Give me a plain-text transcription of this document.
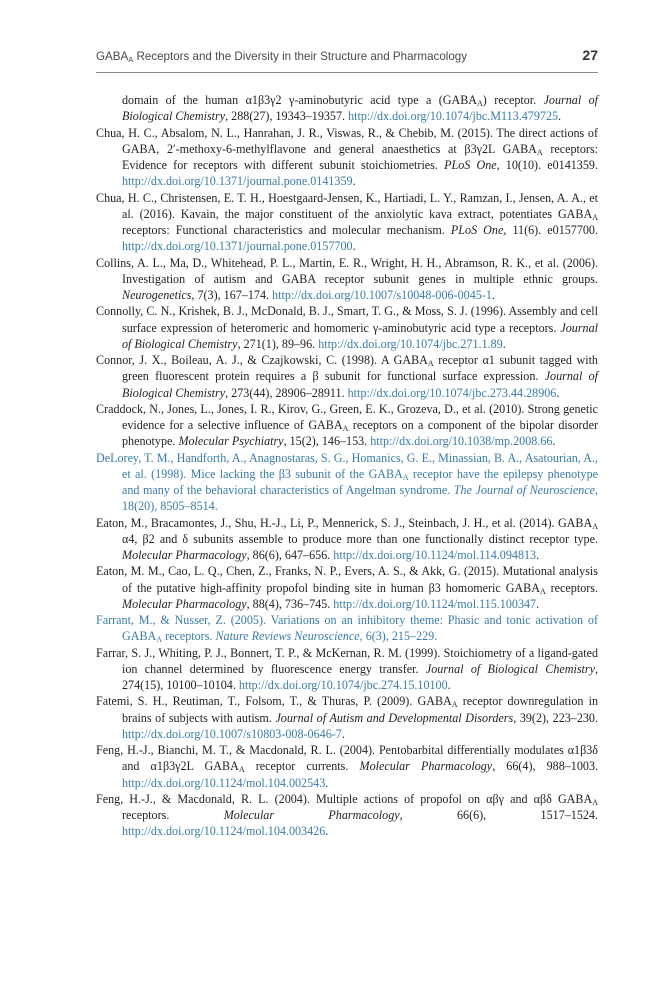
$GABA_A$ Receptors and the Diversity in their Structure and Pharmacology	27
domain of the human α1β3γ2 γ-aminobutyric acid type a $(GABA_A)$ receptor. Journal of Biological Chemistry, 288(27), 19343–19357. http://dx.doi.org/10.1074/jbc.M113.479725.
Chua, H. C., Absalom, N. L., Hanrahan, J. R., Viswas, R., & Chebib, M. (2015). The direct actions of GABA, 2′-methoxy-6-methylflavone and general anaesthetics at β3γ2L $GABA_A$ receptors: Evidence for receptors with different subunit stoichiometries. PLoS One, 10(10). e0141359. http://dx.doi.org/10.1371/journal.pone.0141359.
Chua, H. C., Christensen, E. T. H., Hoestgaard-Jensen, K., Hartiadi, L. Y., Ramzan, I., Jensen, A. A., et al. (2016). Kavain, the major constituent of the anxiolytic kava extract, potentiates $GABA_A$ receptors: Functional characteristics and molecular mechanism. PLoS One, 11(6). e0157700. http://dx.doi.org/10.1371/journal.pone.0157700.
Collins, A. L., Ma, D., Whitehead, P. L., Martin, E. R., Wright, H. H., Abramson, R. K., et al. (2006). Investigation of autism and GABA receptor subunit genes in multiple ethnic groups. Neurogenetics, 7(3), 167–174. http://dx.doi.org/10.1007/s10048-006-0045-1.
Connolly, C. N., Krishek, B. J., McDonald, B. J., Smart, T. G., & Moss, S. J. (1996). Assembly and cell surface expression of heteromeric and homomeric γ-aminobutyric acid type a receptors. Journal of Biological Chemistry, 271(1), 89–96. http://dx.doi.org/10.1074/jbc.271.1.89.
Connor, J. X., Boileau, A. J., & Czajkowski, C. (1998). A $GABA_A$ receptor α1 subunit tagged with green fluorescent protein requires a β subunit for functional surface expression. Journal of Biological Chemistry, 273(44), 28906–28911. http://dx.doi.org/10.1074/jbc.273.44.28906.
Craddock, N., Jones, L., Jones, I. R., Kirov, G., Green, E. K., Grozeva, D., et al. (2010). Strong genetic evidence for a selective influence of $GABA_A$ receptors on a component of the bipolar disorder phenotype. Molecular Psychiatry, 15(2), 146–153. http://dx.doi.org/10.1038/mp.2008.66.
DeLorey, T. M., Handforth, A., Anagnostaras, S. G., Homanics, G. E., Minassian, B. A., Asatourian, A., et al. (1998). Mice lacking the β3 subunit of the $GABA_A$ receptor have the epilepsy phenotype and many of the behavioral characteristics of Angelman syndrome. The Journal of Neuroscience, 18(20), 8505–8514.
Eaton, M., Bracamontes, J., Shu, H.-J., Li, P., Mennerick, S. J., Steinbach, J. H., et al. (2014). $GABA_A$ α4, β2 and δ subunits assemble to produce more than one functionally distinct receptor type. Molecular Pharmacology, 86(6), 647–656. http://dx.doi.org/10.1124/mol.114.094813.
Eaton, M. M., Cao, L. Q., Chen, Z., Franks, N. P., Evers, A. S., & Akk, G. (2015). Mutational analysis of the putative high-affinity propofol binding site in human β3 homomeric $GABA_A$ receptors. Molecular Pharmacology, 88(4), 736–745. http://dx.doi.org/10.1124/mol.115.100347.
Farrant, M., & Nusser, Z. (2005). Variations on an inhibitory theme: Phasic and tonic activation of $GABA_A$ receptors. Nature Reviews Neuroscience, 6(3), 215–229.
Farrar, S. J., Whiting, P. J., Bonnert, T. P., & McKernan, R. M. (1999). Stoichiometry of a ligand-gated ion channel determined by fluorescence energy transfer. Journal of Biological Chemistry, 274(15), 10100–10104. http://dx.doi.org/10.1074/jbc.274.15.10100.
Fatemi, S. H., Reutiman, T., Folsom, T., & Thuras, P. (2009). $GABA_A$ receptor downregulation in brains of subjects with autism. Journal of Autism and Developmental Disorders, 39(2), 223–230. http://dx.doi.org/10.1007/s10803-008-0646-7.
Feng, H.-J., Bianchi, M. T., & Macdonald, R. L. (2004). Pentobarbital differentially modulates α1β3δ and α1β3γ2L $GABA_A$ receptor currents. Molecular Pharmacology, 66(4), 988–1003. http://dx.doi.org/10.1124/mol.104.002543.
Feng, H.-J., & Macdonald, R. L. (2004). Multiple actions of propofol on αβγ and αβδ $GABA_A$ receptors. Molecular Pharmacology, 66(6), 1517–1524. http://dx.doi.org/10.1124/mol.104.003426.
